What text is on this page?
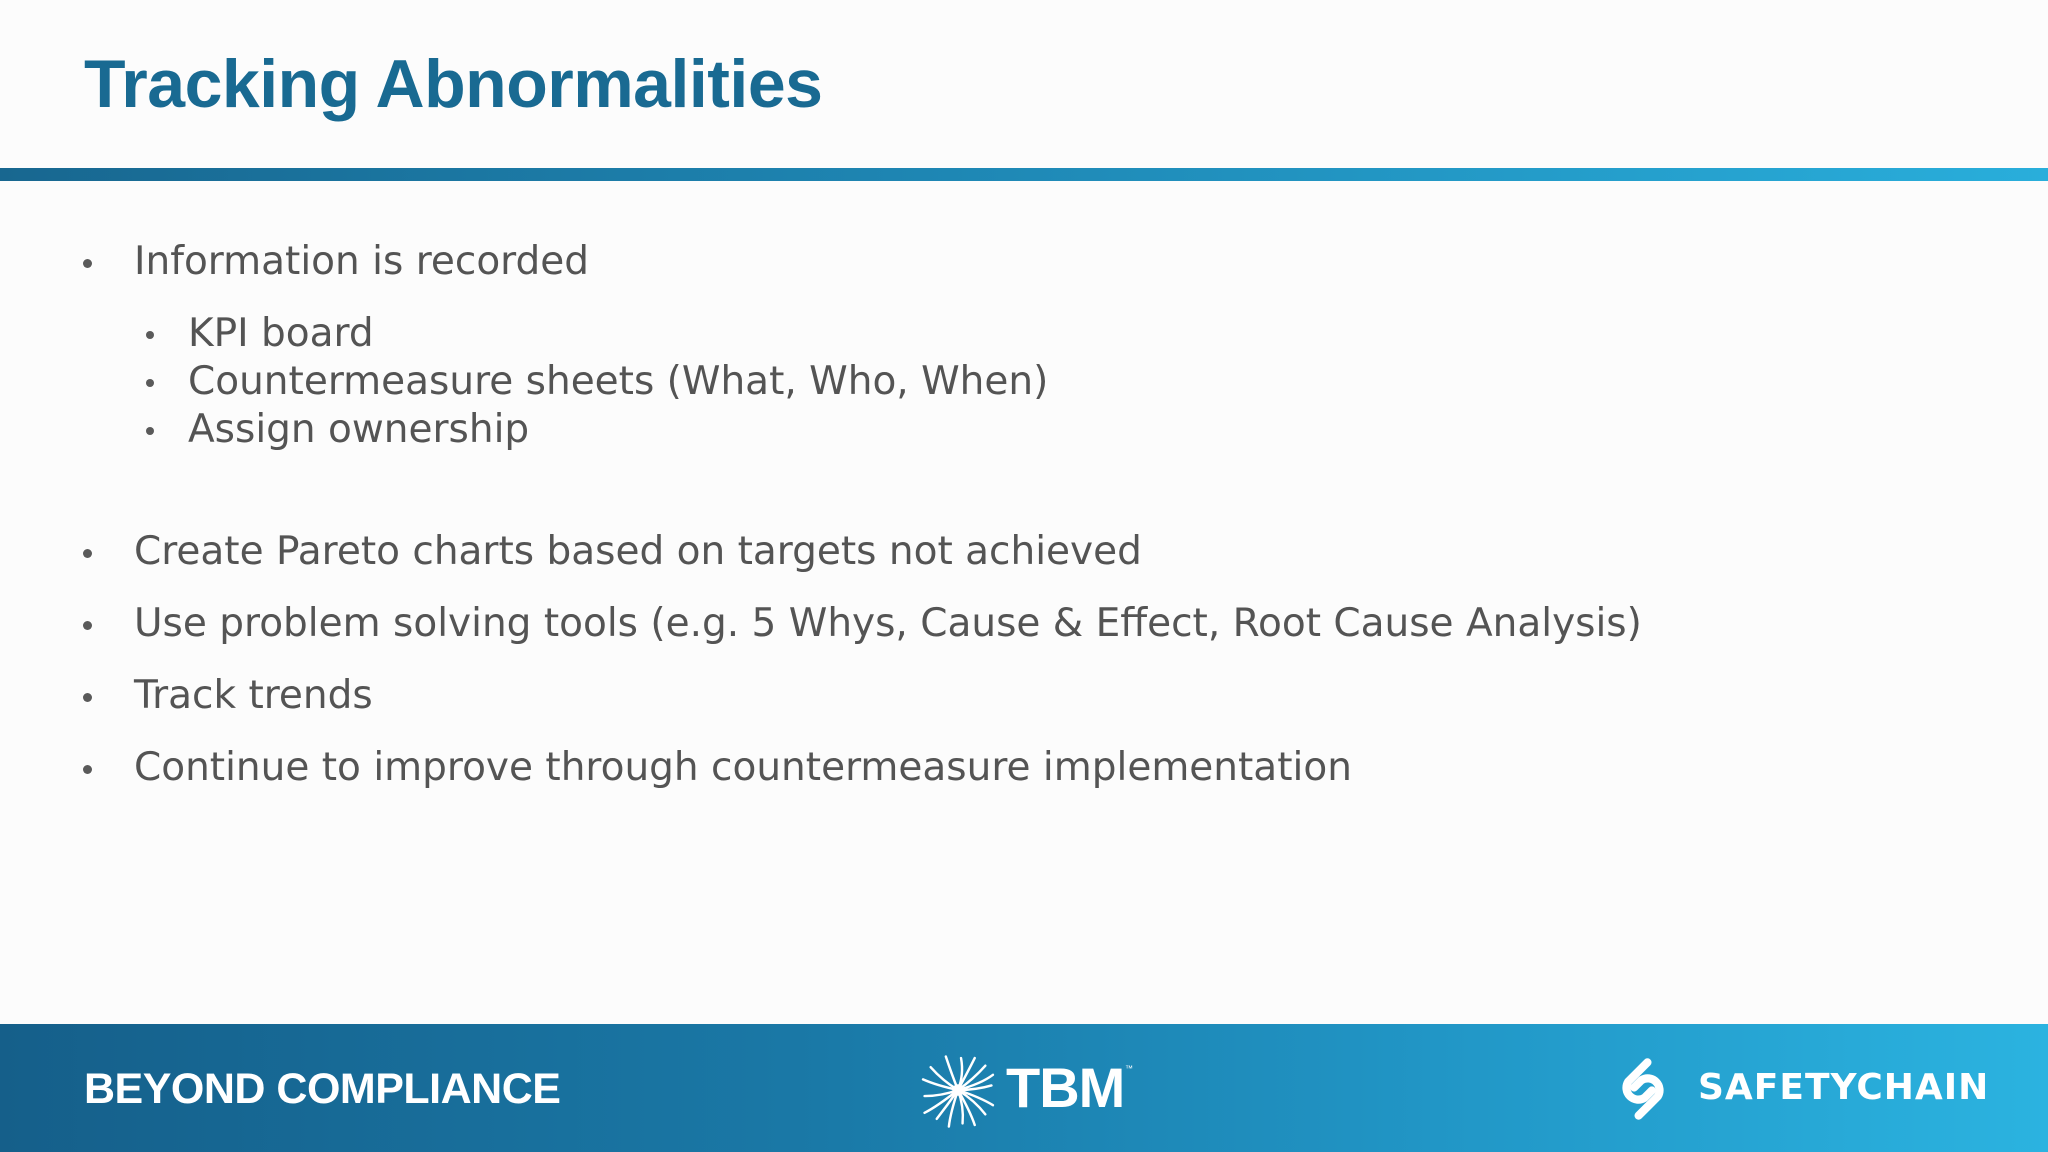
Tracking Abnormalities
Information is recorded
KPI board
Countermeasure sheets (What, Who, When)
Assign ownership
Create Pareto charts based on targets not achieved
Use problem solving tools (e.g. 5 Whys, Cause & Effect, Root Cause Analysis)
Track trends
Continue to improve through countermeasure implementation
BEYOND COMPLIANCE	TBM ™	SAFETYCHAIN
